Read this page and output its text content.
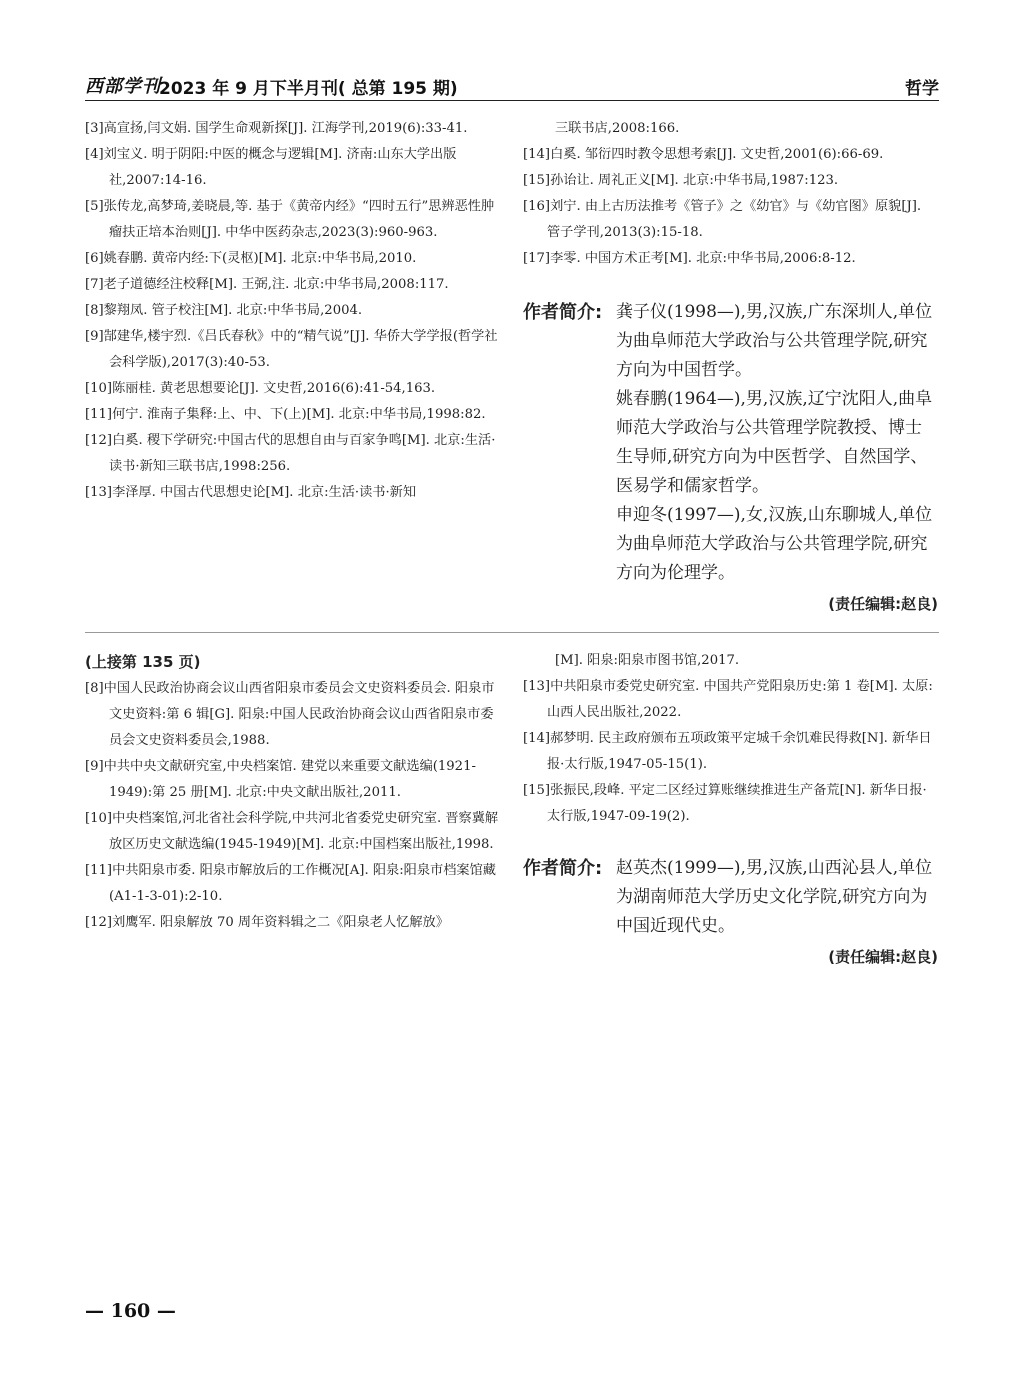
西部学刊
2023 年 9 月下半月刊( 总第 195 期)	哲学
[3]高宣扬,闫文娟. 国学生命观新探[J]. 江海学刊,2019(6):33-41.
[4]刘宝义. 明于阴阳:中医的概念与逻辑[M]. 济南:山东大学出版社,2007:14-16.
[5]张传龙,高梦琦,姜晓晨,等. 基于《黄帝内经》“四时五行”思辨恶性肿瘤扶正培本治则[J]. 中华中医药杂志,2023(3):960-963.
[6]姚春鹏. 黄帝内经:下(灵枢)[M]. 北京:中华书局,2010.
[7]老子道德经注校释[M]. 王弼,注. 北京:中华书局,2008:117.
[8]黎翔凤. 管子校注[M]. 北京:中华书局,2004.
[9]郜建华,楼宇烈.《吕氏春秋》中的“精气说”[J]. 华侨大学学报(哲学社会科学版),2017(3):40-53.
[10]陈丽桂. 黄老思想要论[J]. 文史哲,2016(6):41-54,163.
[11]何宁. 淮南子集释:上、中、下(上)[M]. 北京:中华书局,1998:82.
[12]白奚. 稷下学研究:中国古代的思想自由与百家争鸣[M]. 北京:生活·读书·新知三联书店,1998:256.
[13]李泽厚. 中国古代思想史论[M]. 北京:生活·读书·新知
三联书店,2008:166.
[14]白奚. 邹衍四时教令思想考索[J]. 文史哲,2001(6):66-69.
[15]孙诒让. 周礼正义[M]. 北京:中华书局,1987:123.
[16]刘宁. 由上古历法推考《管子》之《幼官》与《幼官图》原貌[J]. 管子学刊,2013(3):15-18.
[17]李零. 中国方术正考[M]. 北京:中华书局,2006:8-12.
作者简介: 龚子仪(1998—),男,汉族,广东深圳人,单位为曲阜师范大学政治与公共管理学院,研究方向为中国哲学。

姚春鹏(1964—),男,汉族,辽宁沈阳人,曲阜师范大学政治与公共管理学院教授、博士生导师,研究方向为中医哲学、自然国学、医易学和儒家哲学。

申迎冬(1997—),女,汉族,山东聊城人,单位为曲阜师范大学政治与公共管理学院,研究方向为伦理学。

(责任编辑:赵良)
(上接第 135 页)
[8]中国人民政治协商会议山西省阳泉市委员会文史资料委员会. 阳泉市文史资料:第 6 辑[G]. 阳泉:中国人民政治协商会议山西省阳泉市委员会文史资料委员会,1988.
[9]中共中央文献研究室,中央档案馆. 建党以来重要文献选编(1921-1949):第 25 册[M]. 北京:中央文献出版社,2011.
[10]中央档案馆,河北省社会科学院,中共河北省委党史研究室. 晋察冀解放区历史文献选编(1945-1949)[M]. 北京:中国档案出版社,1998.
[11]中共阳泉市委. 阳泉市解放后的工作概况[A]. 阳泉:阳泉市档案馆藏(A1-1-3-01):2-10.
[12]刘鹰军. 阳泉解放 70 周年资料辑之二《阳泉老人忆解放》
[M]. 阳泉:阳泉市图书馆,2017.
[13]中共阳泉市委党史研究室. 中国共产党阳泉历史:第 1 卷[M]. 太原:山西人民出版社,2022.
[14]郝梦明. 民主政府颁布五项政策平定城千余饥难民得救[N]. 新华日报·太行版,1947-05-15(1).
[15]张振民,段峰. 平定二区经过算账继续推进生产备荒[N]. 新华日报·太行版,1947-09-19(2).
作者简介: 赵英杰(1999—),男,汉族,山西沁县人,单位为湖南师范大学历史文化学院,研究方向为中国近现代史。

(责任编辑:赵良)
— 160 —
